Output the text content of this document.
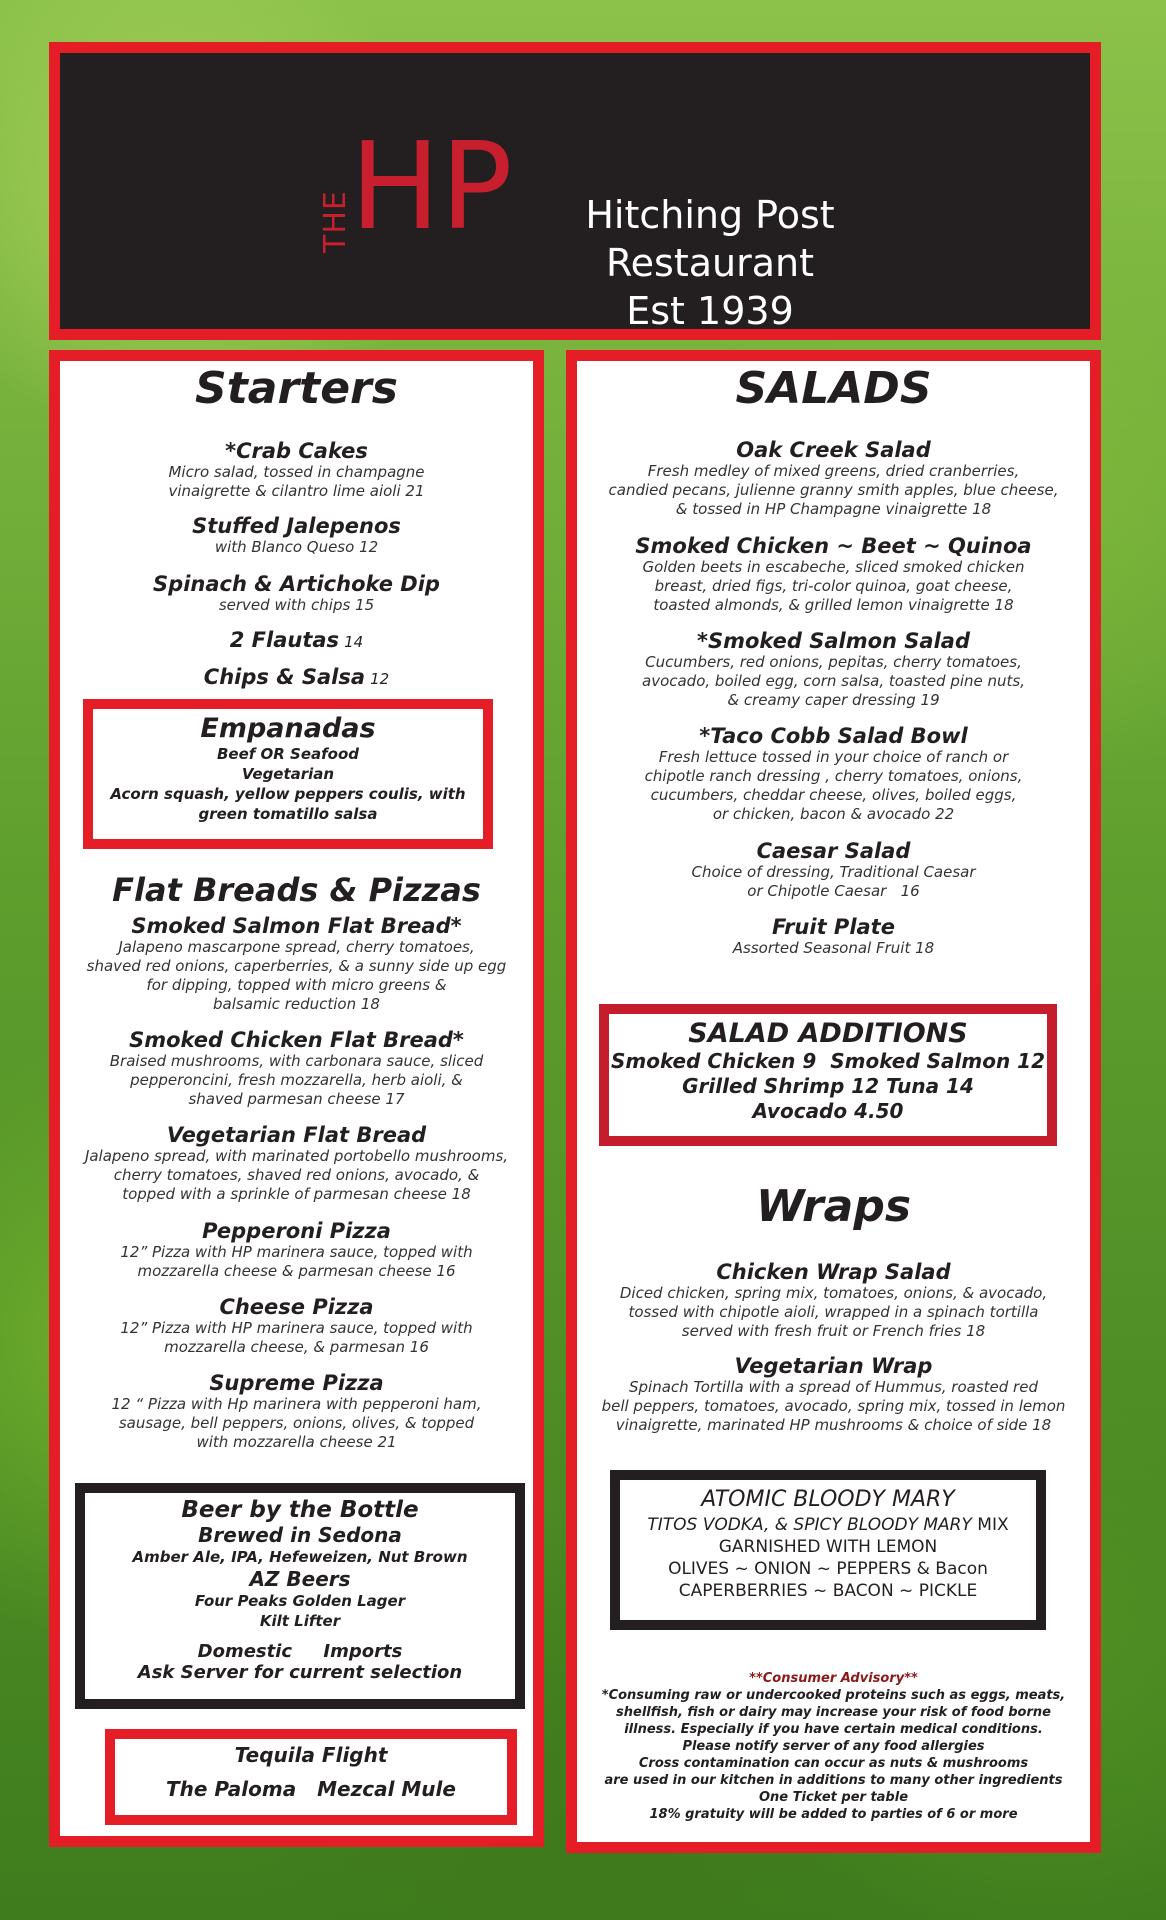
THE
HP	Hitching Post Restaurant
Est 1939
Starters
*Crab Cakes
Micro salad, tossed in champagne
vinaigrette & cilantro lime aioli 21
Stuffed Jalepenos
with Blanco Queso 12
Spinach & Artichoke Dip
served with chips 15
2 Flautas 14
Chips & Salsa 12
Empanadas
Beef OR Seafood
Vegetarian
Acorn squash, yellow peppers coulis, with
green tomatillo salsa
Flat Breads & Pizzas
Smoked Salmon Flat Bread*
Jalapeno mascarpone spread, cherry tomatoes,
shaved red onions, caperberries, & a sunny side up egg
for dipping, topped with micro greens &
balsamic reduction 18
Smoked Chicken Flat Bread*
Braised mushrooms, with carbonara sauce, sliced
pepperoncini, fresh mozzarella, herb aioli, &
shaved parmesan cheese 17
Vegetarian Flat Bread
Jalapeno spread, with marinated portobello mushrooms,
cherry tomatoes, shaved red onions, avocado, &
topped with a sprinkle of parmesan cheese 18
Pepperoni Pizza
12” Pizza with HP marinera sauce, topped with
mozzarella cheese & parmesan cheese 16
Cheese Pizza
12” Pizza with HP marinera sauce, topped with
mozzarella cheese, & parmesan 16
Supreme Pizza
12 “ Pizza with Hp marinera with pepperoni ham,
sausage, bell peppers, onions, olives, & topped
with mozzarella cheese 21
Beer by the Bottle
Brewed in Sedona
Amber Ale, IPA, Hefeweizen, Nut Brown
AZ Beers
Four Peaks Golden Lager
Kilt Lifter
Domestic     Imports
Ask Server for current selection
Tequila Flight
The Paloma   Mezcal Mule
SALADS
Oak Creek Salad
Fresh medley of mixed greens, dried cranberries,
candied pecans, julienne granny smith apples, blue cheese,
& tossed in HP Champagne vinaigrette 18
Smoked Chicken ~ Beet ~ Quinoa
Golden beets in escabeche, sliced smoked chicken
breast, dried figs, tri-color quinoa, goat cheese,
toasted almonds, & grilled lemon vinaigrette 18
*Smoked Salmon Salad
Cucumbers, red onions, pepitas, cherry tomatoes,
avocado, boiled egg, corn salsa, toasted pine nuts,
& creamy caper dressing 19
*Taco Cobb Salad Bowl
Fresh lettuce tossed in your choice of ranch or
chipotle ranch dressing , cherry tomatoes, onions,
cucumbers, cheddar cheese, olives, boiled eggs,
or chicken, bacon & avocado 22
Caesar Salad
Choice of dressing, Traditional Caesar
or Chipotle Caesar   16
Fruit Plate
Assorted Seasonal Fruit 18
SALAD ADDITIONS
Smoked Chicken 9  Smoked Salmon 12
Grilled Shrimp 12 Tuna 14
Avocado 4.50
Wraps
Chicken Wrap Salad
Diced chicken, spring mix, tomatoes, onions, & avocado,
tossed with chipotle aioli, wrapped in a spinach tortilla
served with fresh fruit or French fries 18
Vegetarian Wrap
Spinach Tortilla with a spread of Hummus, roasted red
bell peppers, tomatoes, avocado, spring mix, tossed in lemon
vinaigrette, marinated HP mushrooms & choice of side 18
ATOMIC BLOODY MARY
TITOS VODKA, & SPICY BLOODY MARY MIX
GARNISHED WITH LEMON
OLIVES ~ ONION ~ PEPPERS & Bacon
CAPERBERRIES ~ BACON ~ PICKLE
**Consumer Advisory**
*Consuming raw or undercooked proteins such as eggs, meats,
shellfish, fish or dairy may increase your risk of food borne
illness. Especially if you have certain medical conditions.
Please notify server of any food allergies
Cross contamination can occur as nuts & mushrooms
are used in our kitchen in additions to many other ingredients
One Ticket per table
18% gratuity will be added to parties of 6 or more
